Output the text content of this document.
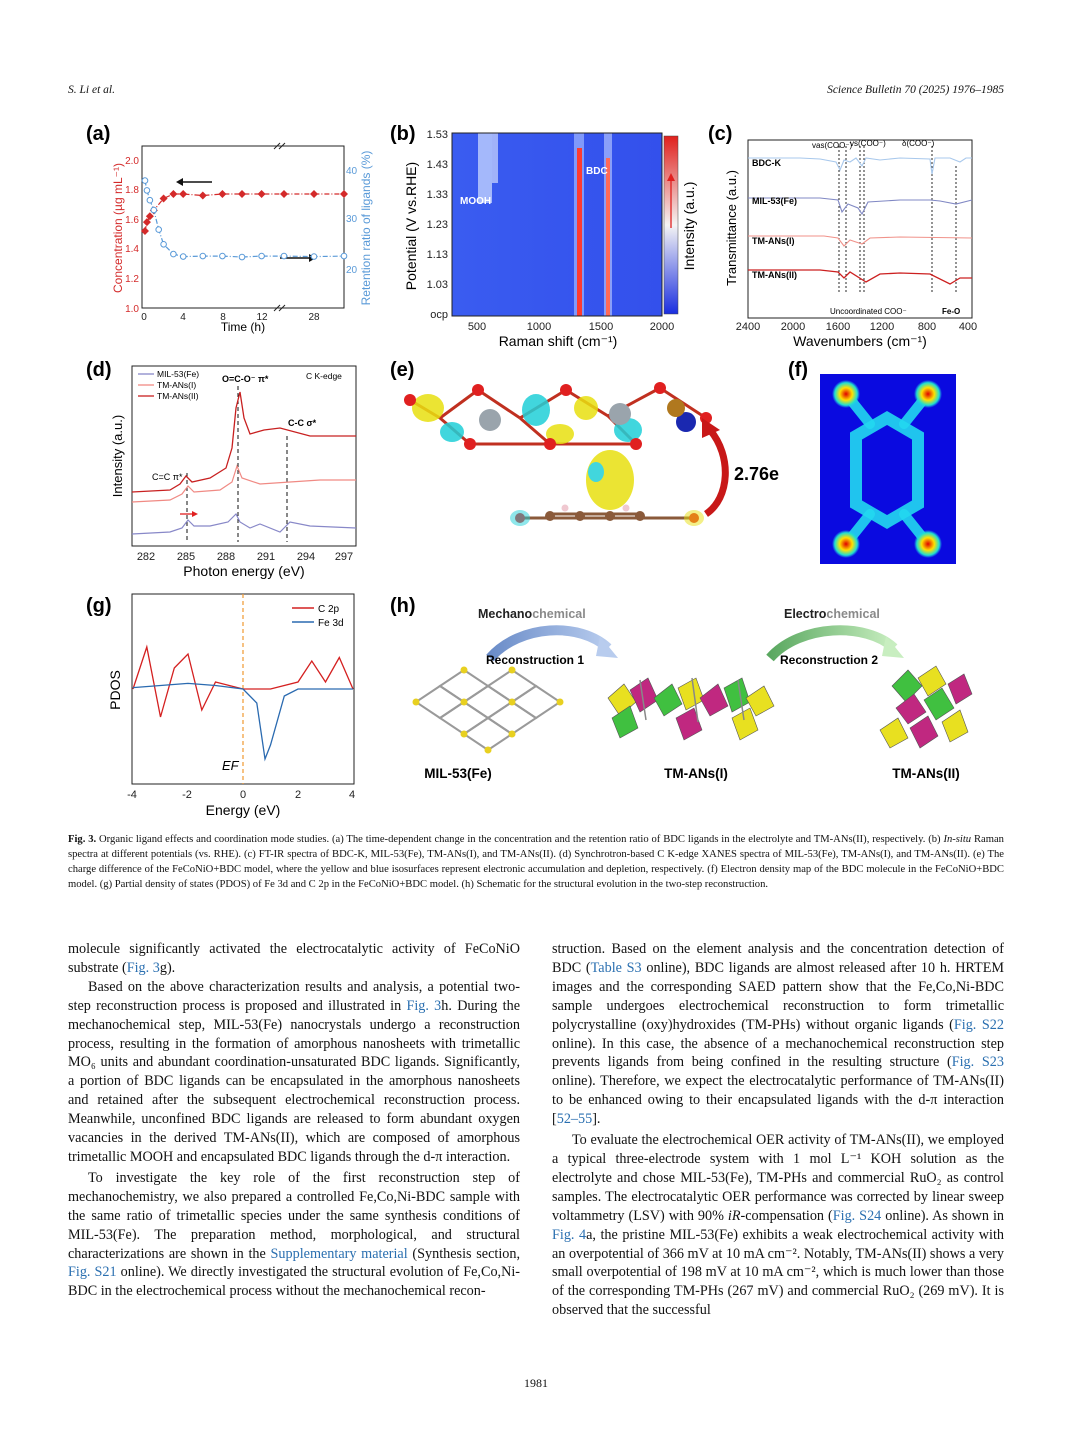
S. Li et al.	Science Bulletin 70 (2025) 1976–1985
(a)
1.0
1.2
1.4
1.6
1.8
2.0
20
30
40
0	4	8	12	28
Time (h)
Concentration (µg mL⁻¹)	Retention ratio of ligands (%)
(b)
MOOH
BDC
1.53
1.43
1.33
1.23
1.13
1.03
ocp
500	1000	1500	2000
Raman shift (cm⁻¹)
Potential (V vs.RHE)	Intensity (a.u.)
(c)
BDC-K
MIL-53(Fe)
TM-ANs(I)
TM-ANs(II)
vas(COO⁻)
vs(COO⁻) δ(COO⁻)
Uncoordinated COO⁻	Fe-O
2400 2000 1600 1200 800 400
Wavenumbers (cm⁻¹)
Transmittance (a.u.)
(d)	MIL-53(Fe)
TM-ANs(I)
TM-ANs(II)
C K-edge
C=C π*
O=C-O⁻ π*
C-C σ*
282 285 288 291 294 297
Photon energy (eV)
Intensity (a.u.)
(e)
2.76e
(f)
(g)	C 2p
Fe 3d
EF
-4	-2	0	2	4
Energy (eV)
PDOS
(h)	Mechanochemical
Reconstruction 1
Electrochemical
Reconstruction 2
MIL-53(Fe)	TM-ANs(I)	TM-ANs(II)
Fig. 3. Organic ligand effects and coordination mode studies. (a) The time-dependent change in the concentration and the retention ratio of BDC ligands in the electrolyte and TM-ANs(II), respectively. (b) In-situ Raman spectra at different potentials (vs. RHE). (c) FT-IR spectra of BDC-K, MIL-53(Fe), TM-ANs(I), and TM-ANs(II). (d) Synchrotron-based C K-edge XANES spectra of MIL-53(Fe), TM-ANs(I), and TM-ANs(II). (e) The charge difference of the FeCoNiO+BDC model, where the yellow and blue isosurfaces represent electronic accumulation and depletion, respectively. (f) Electron density map of the BDC molecule in the FeCoNiO+BDC model. (g) Partial density of states (PDOS) of Fe 3d and C 2p in the FeCoNiO+BDC model. (h) Schematic for the structural evolution in the two-step reconstruction.

molecule significantly activated the electrocatalytic activity of FeCoNiO substrate (Fig. 3g).

Based on the above characterization results and analysis, a potential two-step reconstruction process is proposed and illustrated in Fig. 3h. During the mechanochemical step, MIL-53(Fe) nanocrystals undergo a reconstruction process, resulting in the formation of amorphous nanosheets with trimetallic MO₆ units and abundant coordination-unsaturated BDC ligands. Significantly, a portion of BDC ligands can be encapsulated in the amorphous nanosheets and retained after the subsequent electrochemical reconstruction process. Meanwhile, unconfined BDC ligands are released to form abundant oxygen vacancies in the derived TM-ANs(II), which are composed of amorphous trimetallic MOOH and encapsulated BDC ligands through the d-π interaction.

To investigate the key role of the first reconstruction step of mechanochemistry, we also prepared a controlled Fe,Co,Ni-BDC sample with the same ratio of trimetallic species under the same synthesis conditions of MIL-53(Fe). The preparation method, morphological, and structural characterizations are shown in the Supplementary material (Synthesis section, Fig. S21 online). We directly investigated the structural evolution of Fe,Co,Ni-BDC in the electrochemical process without the mechanochemical recon-

struction. Based on the element analysis and the concentration detection of BDC (Table S3 online), BDC ligands are almost released after 10 h. HRTEM images and the corresponding SAED pattern show that the Fe,Co,Ni-BDC sample undergoes electrochemical reconstruction to form trimetallic polycrystalline (oxy)hydroxides (TM-PHs) without organic ligands (Fig. S22 online). In this case, the absence of a mechanochemical reconstruction step prevents ligands from being confined in the resulting structure (Fig. S23 online). Therefore, we expect the electrocatalytic performance of TM-ANs(II) to be enhanced owing to their encapsulated ligands with the d-π interaction [52–55].

To evaluate the electrochemical OER activity of TM-ANs(II), we employed a typical three-electrode system with 1 mol L⁻¹ KOH solution as the electrolyte and chose MIL-53(Fe), TM-PHs and commercial RuO₂ as control samples. The electrocatalytic OER performance was corrected by linear sweep voltammetry (LSV) with 90% iR-compensation (Fig. S24 online). As shown in Fig. 4a, the pristine MIL-53(Fe) exhibits a weak electrochemical activity with an overpotential of 366 mV at 10 mA cm⁻². Notably, TM-ANs(II) shows a very small overpotential of 198 mV at 10 mA cm⁻², which is much lower than those of the corresponding TM-PHs (267 mV) and commercial RuO₂ (269 mV). It is observed that the successful

1981
